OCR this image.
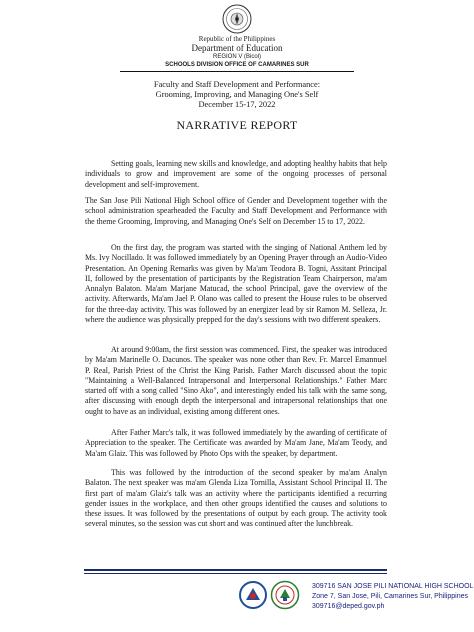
Republic of the Philippines
Department of Education
REGION V (Bicol)
SCHOOLS DIVISION OFFICE OF CAMARINES SUR
Faculty and Staff Development and Performance:
Grooming, Improving, and Managing One's Self
December 15-17, 2022
NARRATIVE REPORT

Setting goals, learning new skills and knowledge, and adopting healthy habits that help individuals to grow and improvement are some of the ongoing processes of personal development and self-improvement.

The San Jose Pili National High School office of Gender and Development together with the school administration spearheaded the Faculty and Staff Development and Performance with the theme Grooming, Improving, and Managing One's Self on December 15 to 17, 2022.

On the first day, the program was started with the singing of National Anthem led by Ms. Ivy Nocillado. It was followed immediately by an Opening Prayer through an Audio-Video Presentation. An Opening Remarks was given by Ma'am Teodora B. Togni, Assitant Principal II, followed by the presentation of participants by the Registration Team Chairperson, ma'am Annalyn Balaton. Ma'am Marjane Matucad, the school Principal, gave the overview of the activity. Afterwards, Ma'am Jael P. Olano was called to present the House rules to be observed for the three-day activity. This was followed by an energizer lead by sir Ramon M. Selleza, Jr. where the audience was physically prepped for the day's sessions with two different speakers.

At around 9:00am, the first session was commenced. First, the speaker was introduced by Ma'am Marinelle O. Dacunos. The speaker was none other than Rev. Fr. Marcel Emannuel P. Real, Parish Priest of the Christ the King Parish. Father March discussed about the topic "Maintaining a Well-Balanced Intrapersonal and Interpersonal Relationships." Father Marc started off with a song called "Sino Ako", and interestingly ended his talk with the same song, after discussing with enough depth the interpersonal and intrapersonal relationships that one ought to have as an individual, existing among different ones.

After Father Marc's talk, it was followed immediately by the awarding of certificate of Appreciation to the speaker. The Certificate was awarded by Ma'am Jane, Ma'am Teody, and Ma'am Glaiz. This was followed by Photo Ops with the speaker, by department.

This was followed by the introduction of the second speaker by ma'am Analyn Balaton. The next speaker was ma'am Glenda Liza Tornilla, Assistant School Principal II. The first part of ma'am Glaiz's talk was an activity where the participants identified a recurring gender issues in the workplace, and then other groups identified the causes and solutions to these issues. It was followed by the presentations of output by each group. The activity took several minutes, so the session was cut short and was continued after the lunchbreak.

309716 SAN JOSE PILI NATIONAL HIGH SCHOOL
Zone 7, San Jose, Pili, Camarines Sur, Philippines
309716@deped.gov.ph
